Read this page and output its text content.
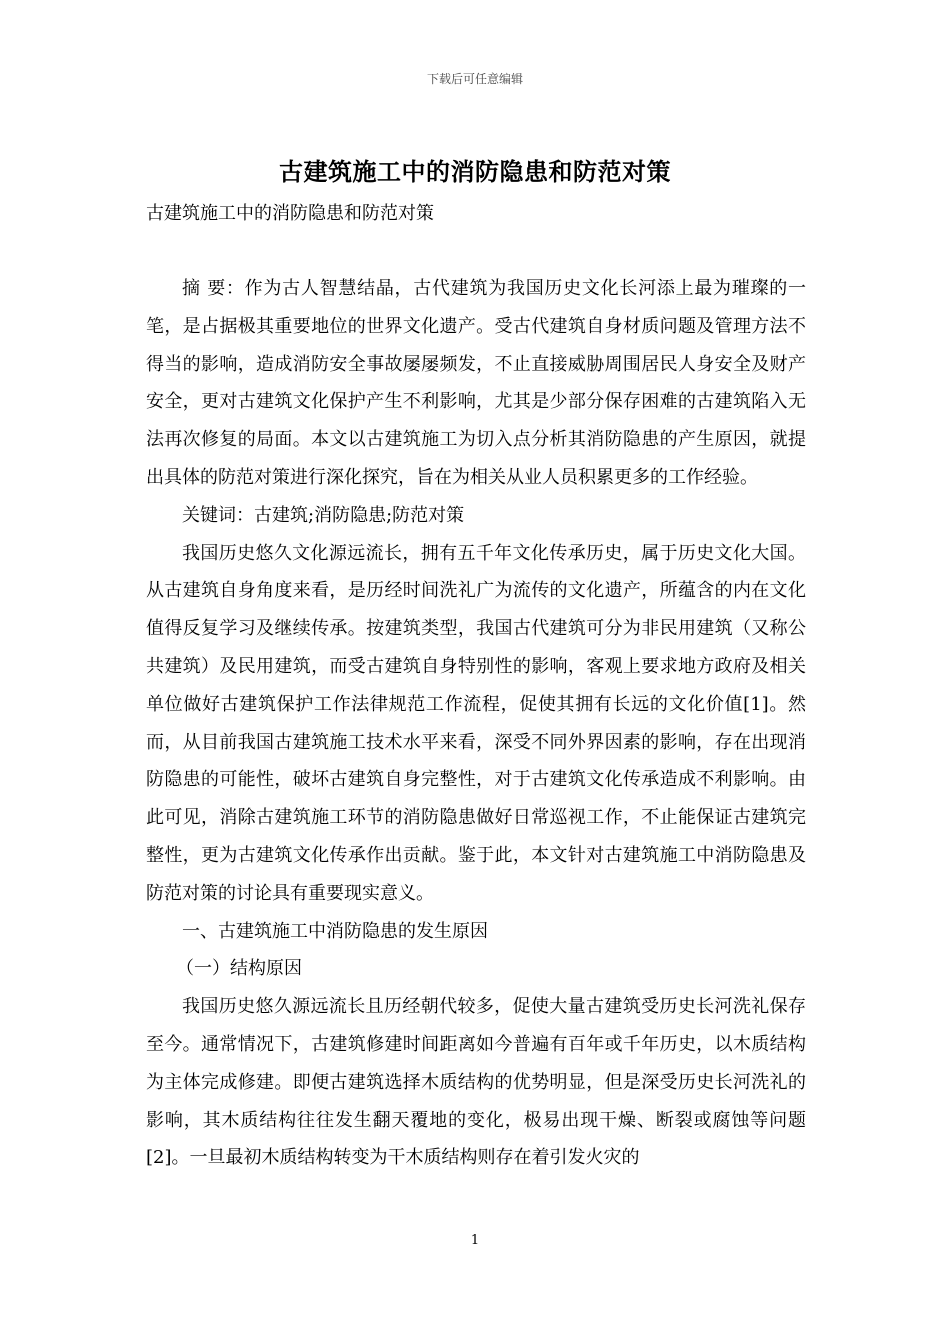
下载后可任意编辑
古建筑施工中的消防隐患和防范对策
古建筑施工中的消防隐患和防范对策

摘 要：作为古人智慧结晶，古代建筑为我国历史文化长河添上最为璀璨的一笔，是占据极其重要地位的世界文化遗产。受古代建筑自身材质问题及管理方法不得当的影响，造成消防安全事故屡屡频发，不止直接威胁周围居民人身安全及财产安全，更对古建筑文化保护产生不利影响，尤其是少部分保存困难的古建筑陷入无法再次修复的局面。本文以古建筑施工为切入点分析其消防隐患的产生原因，就提出具体的防范对策进行深化探究，旨在为相关从业人员积累更多的工作经验。

关键词：古建筑;消防隐患;防范对策

我国历史悠久文化源远流长，拥有五千年文化传承历史，属于历史文化大国。从古建筑自身角度来看，是历经时间洗礼广为流传的文化遗产，所蕴含的内在文化值得反复学习及继续传承。按建筑类型，我国古代建筑可分为非民用建筑（又称公共建筑）及民用建筑，而受古建筑自身特别性的影响，客观上要求地方政府及相关单位做好古建筑保护工作法律规范工作流程，促使其拥有长远的文化价值[1]。然而，从目前我国古建筑施工技术水平来看，深受不同外界因素的影响，存在出现消防隐患的可能性，破坏古建筑自身完整性，对于古建筑文化传承造成不利影响。由此可见，消除古建筑施工环节的消防隐患做好日常巡视工作，不止能保证古建筑完整性，更为古建筑文化传承作出贡献。鉴于此，本文针对古建筑施工中消防隐患及防范对策的讨论具有重要现实意义。

一、古建筑施工中消防隐患的发生原因

（一）结构原因

我国历史悠久源远流长且历经朝代较多，促使大量古建筑受历史长河洗礼保存至今。通常情况下，古建筑修建时间距离如今普遍有百年或千年历史，以木质结构为主体完成修建。即便古建筑选择木质结构的优势明显，但是深受历史长河洗礼的影响，其木质结构往往发生翻天覆地的变化，极易出现干燥、断裂或腐蚀等问题[2]。一旦最初木质结构转变为干木质结构则存在着引发火灾的

1
